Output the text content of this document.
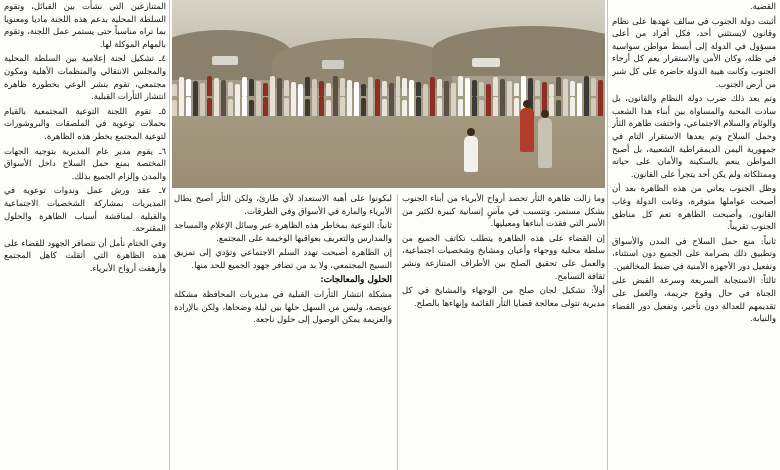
القضية.

أثبتت دولة الجنوب في سالف عهدها على نظام وقانون لايستثني أحد، فكل أفراد من أعلى مسؤول في الدولة إلى أبسط مواطن سواسية في ظله، وكان الأمن والاستقرار يعم كل أرجاء الجنوب وكانت هيبة الدولة حاضرة على كل شبر من أرض الجنوب.

وتم بعد ذلك ضرب دولة النظام والقانون، بل سادت المحبة والمساواة بين أبناء هذا الشعب والوئام والسلام الاجتماعي، واختفت ظاهرة الثأر وحمل السلاح وتم بعدها الاستقرار التام في جمهورية اليمن الديمقراطية الشعبية، بل أصبح المواطن ينعم بالسكينة والأمان على حياته وممتلكاته ولم يكن أحد يتجرأ على القانون.

وظل الجنوب يعاني من هذه الظاهرة بعد أن أصبحت عواملها متوفرة، وغابت الدولة وغاب القانون، وأصبحت الظاهرة تعم كل مناطق الجنوب تقريباً.

ثانياً: منع حمل السلاح في المدن والأسواق وتطبيق ذلك بصرامة على الجميع دون استثناء، وتفعيل دور الأجهزة الأمنية في ضبط المخالفين.

ثالثاً: الاستجابة السريعة وسرعة القبض على الجناة في حال وقوع جريمة، والعمل على تقديمهم للعدالة دون تأخير، وتفعيل دور القضاء والنيابة.

وما زالت ظاهرة الثأر تحصد أرواح الأبرياء من أبناء الجنوب بشكل مستمر، وتتسبب في مآسٍ إنسانية كبيرة لكثير من الأسر التي فقدت أبناءها ومعيليها.

إن القضاء على هذه الظاهرة يتطلب تكاتف الجميع من سلطة محلية ووجهاء وأعيان ومشايخ وشخصيات اجتماعية، والعمل على تحقيق الصلح بين الأطراف المتنازعة ونشر ثقافة التسامح.

أولاً: تشكيل لجان صلح من الوجهاء والمشايخ في كل مديرية تتولى معالجة قضايا الثأر القائمة وإنهاءها بالصلح.

لبكونوا على أهبة الاستعداد لأي طارئ، ولكن الثأر أصبح يطال الأبرياء والمارة في الأسواق وفي الطرقات.

ثانياً: التوعية بمخاطر هذه الظاهرة عبر وسائل الإعلام والمساجد والمدارس والتعريف بعواقبها الوخيمة على المجتمع.

إن الظاهرة أصبحت تهدد السلم الاجتماعي وتؤدي إلى تمزيق النسيج المجتمعي، ولا بد من تضافر جهود الجميع للحد منها.

الحلول والمعالجات:

مشكلة انتشار الثأرات القبلية في مديريات المحافظة مشكلة عويصة، وليس من السهل حلها بين ليلة وضحاها، ولكن بالإرادة والعزيمة يمكن الوصول إلى حلول ناجعة.

المتنازعين التي نشأت بين القبائل، وتقوم السلطة المحلية بدعم هذه اللجنة ماديا ومعنويا بما تراه مناسباً حتى يستمر عمل اللجنة، وتقوم بالمهام الموكلة لها.

٤ـ تشكيل لجنة إعلامية بين السلطة المحلية والمجلس الانتقالي والمنظمات الأهلية ومكون مجتمعي، تقوم بنشر الوعي بخطورة ظاهرة انتشار الثأرات القبلية.

٥ـ تقوم اللجنة التوعية المجتمعية بالقيام بحملات توعوية في الملصقات والبروشورات لتوعية المجتمع بخطر هذه الظاهرة.

٦ـ يقوم مدير عام المديرية بتوجيه الجهات المختصة بمنع حمل السلاح داخل الأسواق والمدن وإلزام الجميع بذلك.

٧ـ عقد ورش عمل وندوات توعوية في المديريات بمشاركة الشخصيات الاجتماعية والقبلية لمناقشة أسباب الظاهرة والحلول المقترحة.

وفي الختام نأمل أن تتضافر الجهود للقضاء على هذه الظاهرة التي أثقلت كاهل المجتمع وأزهقت أرواح الأبرياء.
